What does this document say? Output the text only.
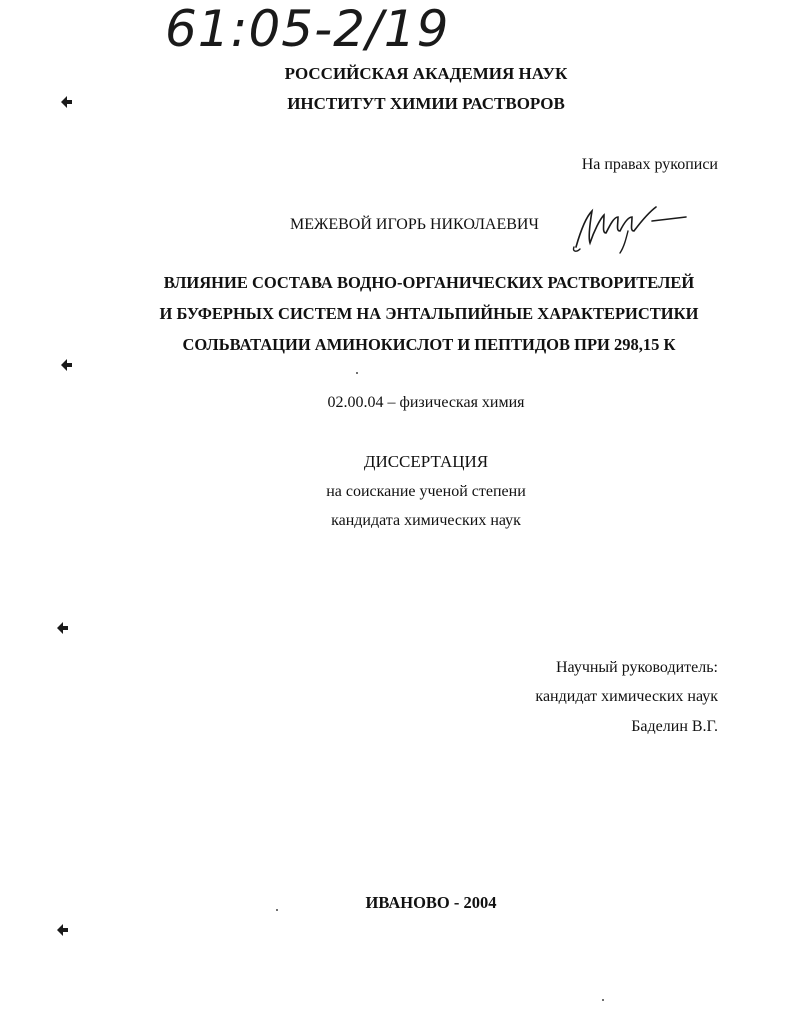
61:05-2/19
РОССИЙСКАЯ АКАДЕМИЯ НАУК
ИНСТИТУТ ХИМИИ РАСТВОРОВ
На правах рукописи
МЕЖЕВОЙ ИГОРЬ НИКОЛАЕВИЧ
ВЛИЯНИЕ СОСТАВА ВОДНО-ОРГАНИЧЕСКИХ РАСТВОРИТЕЛЕЙ
И БУФЕРНЫХ СИСТЕМ НА ЭНТАЛЬПИЙНЫЕ ХАРАКТЕРИСТИКИ
СОЛЬВАТАЦИИ АМИНОКИСЛОТ И ПЕПТИДОВ ПРИ 298,15 К
02.00.04 – физическая химия
ДИССЕРТАЦИЯ
на соискание ученой степени
кандидата химических наук
Научный руководитель:
кандидат химических наук
Баделин В.Г.
ИВАНОВО - 2004
